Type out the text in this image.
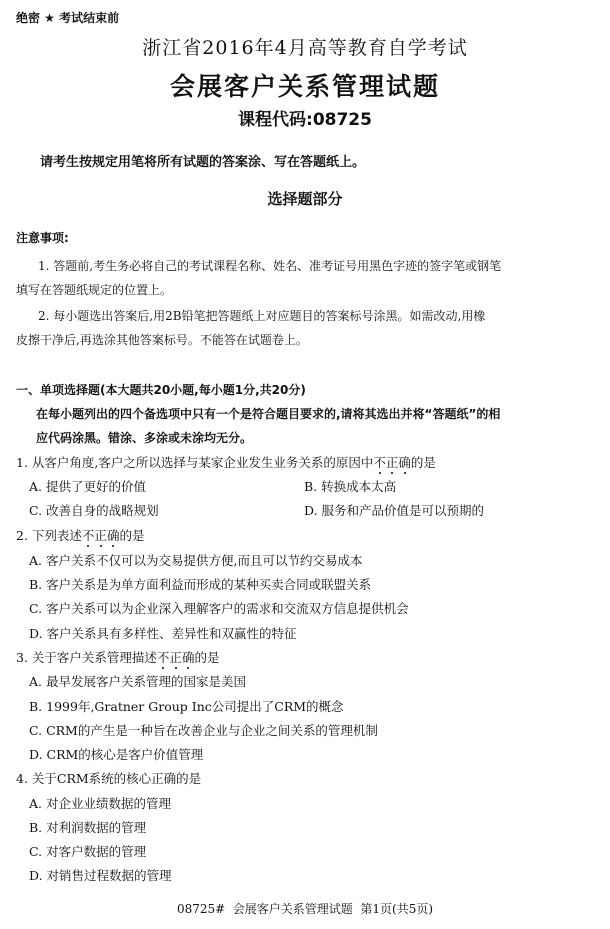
绝密 ★ 考试结束前
浙江省2016年4月高等教育自学考试
会展客户关系管理试题
课程代码:08725
请考生按规定用笔将所有试题的答案涂、写在答题纸上。
选择题部分
注意事项:
1. 答题前,考生务必将自己的考试课程名称、姓名、准考证号用黑色字迹的签字笔或钢笔
填写在答题纸规定的位置上。
2. 每小题选出答案后,用2B铅笔把答题纸上对应题目的答案标号涂黑。如需改动,用橡
皮擦干净后,再选涂其他答案标号。不能答在试题卷上。
一、单项选择题(本大题共20小题,每小题1分,共20分)
在每小题列出的四个备选项中只有一个是符合题目要求的,请将其选出并将“答题纸”的相
应代码涂黑。错涂、多涂或未涂均无分。
1. 从客户角度,客户之所以选择与某家企业发生业务关系的原因中不正确的是
A. 提供了更好的价值	B. 转换成本太高
C. 改善自身的战略规划	D. 服务和产品价值是可以预期的
2. 下列表述不正确的是
A. 客户关系不仅可以为交易提供方便,而且可以节约交易成本
B. 客户关系是为单方面利益而形成的某种买卖合同或联盟关系
C. 客户关系可以为企业深入理解客户的需求和交流双方信息提供机会
D. 客户关系具有多样性、差异性和双赢性的特征
3. 关于客户关系管理描述不正确的是
A. 最早发展客户关系管理的国家是美国
B. 1999年,Gratner Group Inc公司提出了CRM的概念
C. CRM的产生是一种旨在改善企业与企业之间关系的管理机制
D. CRM的核心是客户价值管理
4. 关于CRM系统的核心正确的是
A. 对企业业绩数据的管理
B. 对利润数据的管理
C. 对客户数据的管理
D. 对销售过程数据的管理
08725#  会展客户关系管理试题  第1页(共5页)
